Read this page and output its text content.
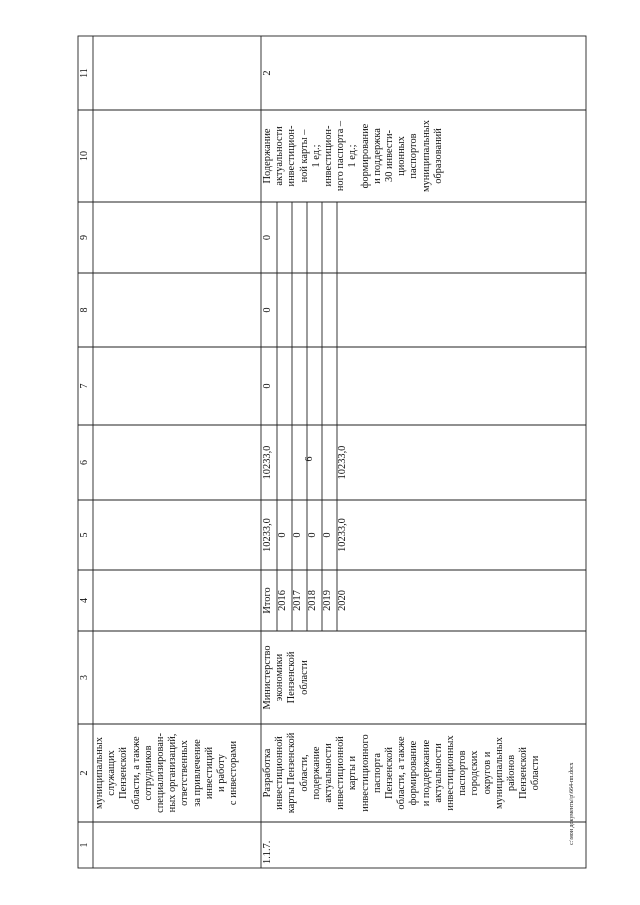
6
1
2
3
4
5
6
7
8
9
10
11
муниципальных служащих Пензенской области, а также сотрудников специализирован- ных организаций, ответственных за привлечение инвестиций и работу с инвесторами
1.1.7.
Разработка инвестиционной карты Пензенской области, подержание актуальности инвестиционной карты и инвестиционного паспорта Пензенской области, а также формирование и поддержание актуальности инвестиционных паспортов городских округов и муниципальных районов Пензенской области
Министерство экономики Пензенской области
Итого 2016 2017 2018 2019 2020
10233,0 0 0 0 0 10233,0
10233,0	10233,0
0
0
0
Подержание актуальности инвестицион- ной карты – 1 ед.; инвестицион- ного паспорта – 1 ед.; формирование и поддержка 30 инвести- ционных паспортов муниципальных образований
2
c:\мои документы\p\664-пп.docx
